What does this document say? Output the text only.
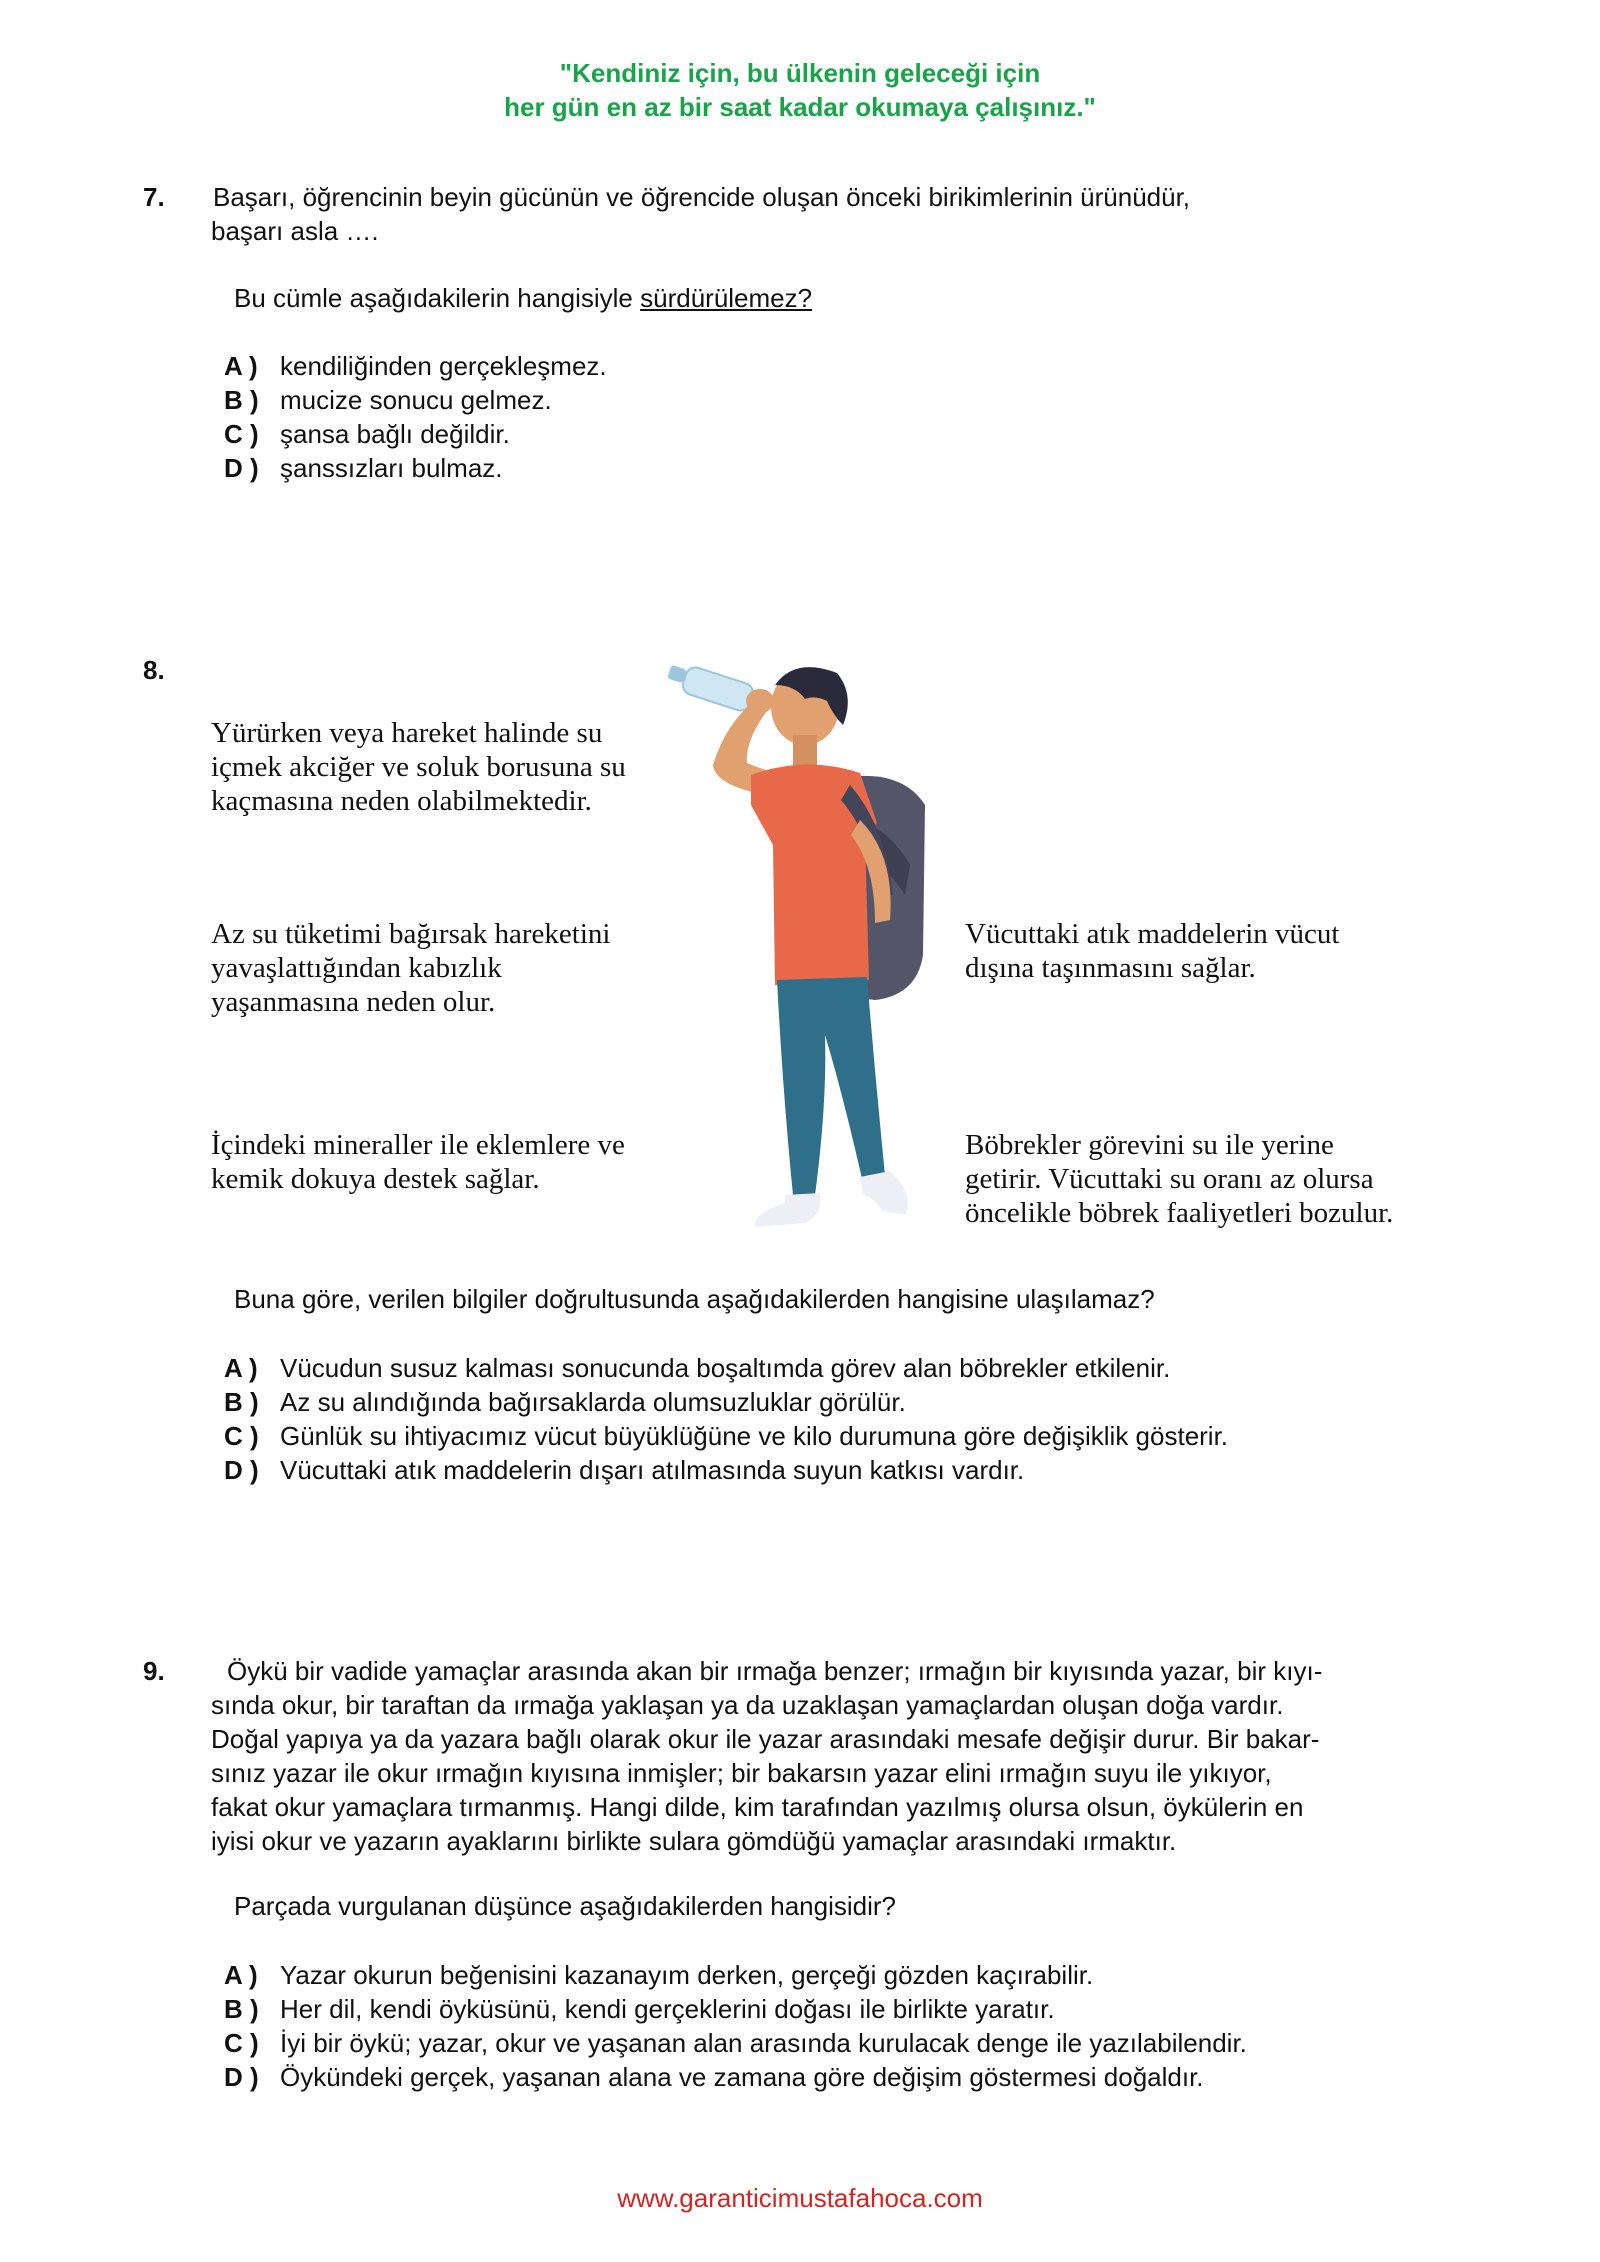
"Kendiniz için, bu ülkenin geleceği için
her gün en az bir saat kadar okumaya çalışınız."
7. Başarı, öğrencinin beyin gücünün ve öğrencide oluşan önceki birikimlerinin ürünüdür,
başarı asla ….
Bu cümle aşağıdakilerin hangisiyle sürdürülemez?
A ) kendiliğinden gerçekleşmez.
B ) mucize sonucu gelmez.
C ) şansa bağlı değildir.
D ) şanssızları bulmaz.
8.
Yürürken veya hareket halinde su
içmek akciğer ve soluk borusuna su
kaçmasına neden olabilmektedir.
Az su tüketimi bağırsak hareketini
yavaşlattığından kabızlık
yaşanmasına neden olur.
İçindeki mineraller ile eklemlere ve
kemik dokuya destek sağlar.
Vücuttaki atık maddelerin vücut
dışına taşınmasını sağlar.
Böbrekler görevini su ile yerine
getirir. Vücuttaki su oranı az olursa
öncelikle böbrek faaliyetleri bozulur.
Buna göre, verilen bilgiler doğrultusunda aşağıdakilerden hangisine ulaşılamaz?
A ) Vücudun susuz kalması sonucunda boşaltımda görev alan böbrekler etkilenir.
B ) Az su alındığında bağırsaklarda olumsuzluklar görülür.
C ) Günlük su ihtiyacımız vücut büyüklüğüne ve kilo durumuna göre değişiklik gösterir.
D ) Vücuttaki atık maddelerin dışarı atılmasında suyun katkısı vardır.
9.	Öykü bir vadide yamaçlar arasında akan bir ırmağa benzer; ırmağın bir kıyısında yazar, bir kıyı-
sında okur, bir taraftan da ırmağa yaklaşan ya da uzaklaşan yamaçlardan oluşan doğa vardır.
Doğal yapıya ya da yazara bağlı olarak okur ile yazar arasındaki mesafe değişir durur. Bir bakar-
sınız yazar ile okur ırmağın kıyısına inmişler; bir bakarsın yazar elini ırmağın suyu ile yıkıyor,
fakat okur yamaçlara tırmanmış. Hangi dilde, kim tarafından yazılmış olursa olsun, öykülerin en
iyisi okur ve yazarın ayaklarını birlikte sulara gömdüğü yamaçlar arasındaki ırmaktır.
Parçada vurgulanan düşünce aşağıdakilerden hangisidir?
A ) Yazar okurun beğenisini kazanayım derken, gerçeği gözden kaçırabilir.
B ) Her dil, kendi öyküsünü, kendi gerçeklerini doğası ile birlikte yaratır.
C ) İyi bir öykü; yazar, okur ve yaşanan alan arasında kurulacak denge ile yazılabilendir.
D ) Öykündeki gerçek, yaşanan alana ve zamana göre değişim göstermesi doğaldır.
www.garanticimustafahoca.com
